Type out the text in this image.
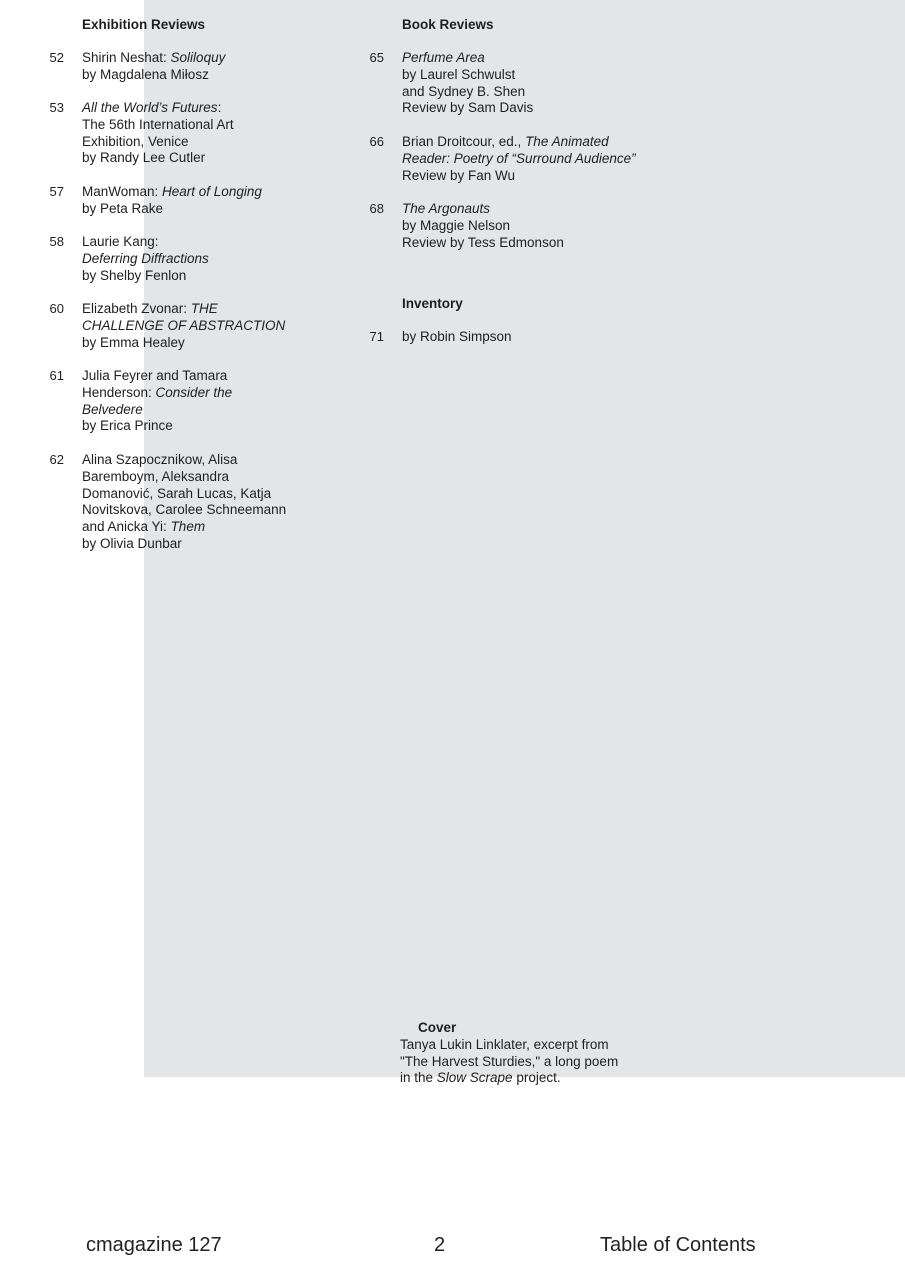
Exhibition Reviews
52 Shirin Neshat: Soliloquy
by Magdalena Miłosz
53 All the World’s Futures:
The 56th International Art
Exhibition, Venice
by Randy Lee Cutler
57 ManWoman: Heart of Longing
by Peta Rake
58 Laurie Kang:
Deferring Diffractions
by Shelby Fenlon
60 Elizabeth Zvonar: THE
CHALLENGE OF ABSTRACTION
by Emma Healey
61 Julia Feyrer and Tamara
Henderson: Consider the
Belvedere
by Erica Prince
62 Alina Szapocznikow, Alisa
Baremboym, Aleksandra
Domanović, Sarah Lucas, Katja
Novitskova, Carolee Schneemann
and Anicka Yi: Them
by Olivia Dunbar
Book Reviews
65 Perfume Area
by Laurel Schwulst
and Sydney B. Shen
Review by Sam Davis
66 Brian Droitcour, ed., The Animated
Reader: Poetry of “Surround Audience”
Review by Fan Wu
68 The Argonauts
by Maggie Nelson
Review by Tess Edmonson
Inventory
71 by Robin Simpson
Cover
Tanya Lukin Linklater, excerpt from
"The Harvest Sturdies," a long poem
in the Slow Scrape project.
cmagazine 127	2	Table of Contents
